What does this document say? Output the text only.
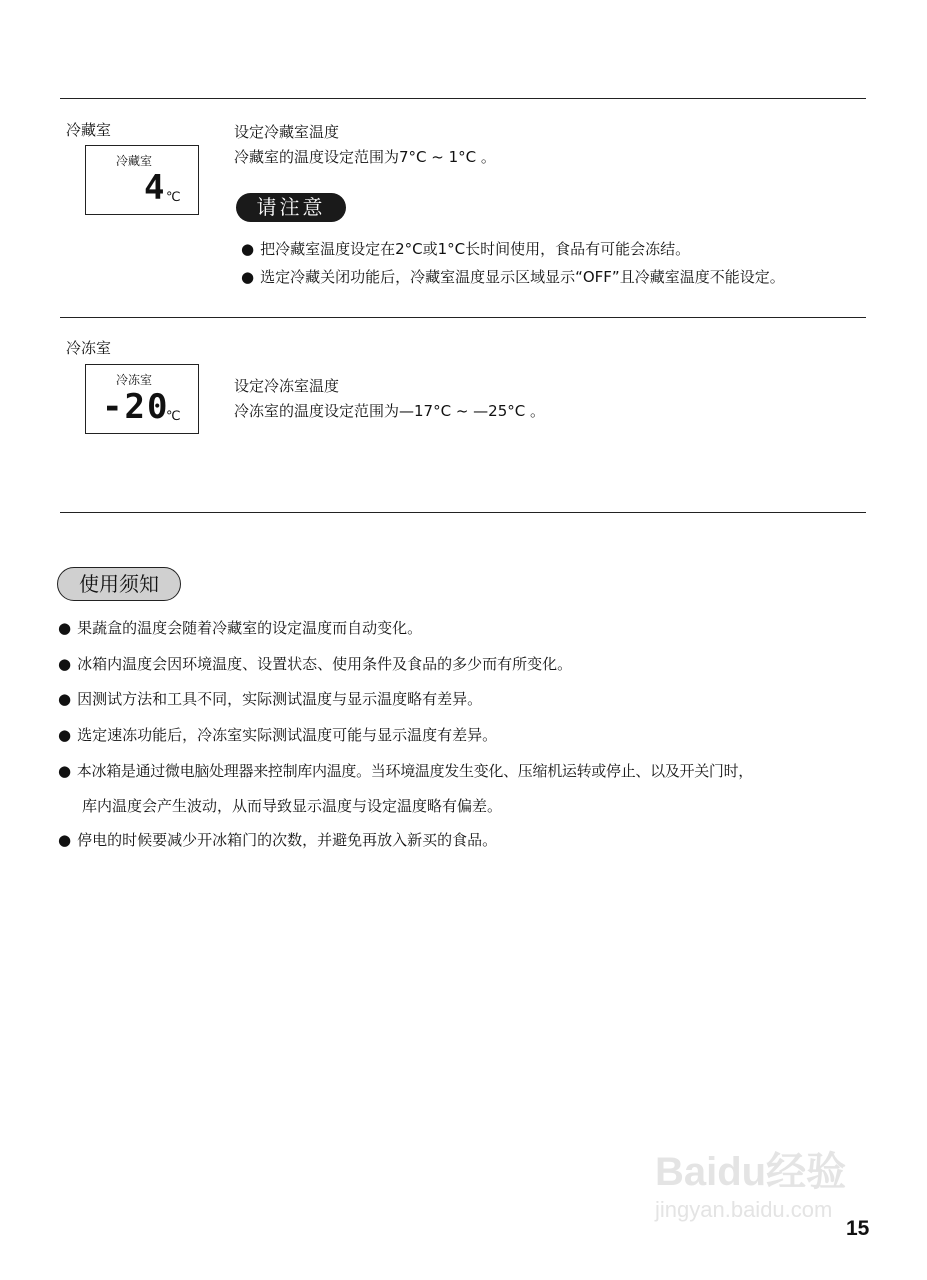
冷藏室
冷藏室
4 ℃
设定冷藏室温度
冷藏室的温度设定范围为7°C ~ 1°C 。
请注意
● 把冷藏室温度设定在2°C或1°C长时间使用，食品有可能会冻结。
● 选定冷藏关闭功能后，冷藏室温度显示区域显示“OFF”且冷藏室温度不能设定。
冷冻室
冷冻室
-20
℃
设定冷冻室温度
冷冻室的温度设定范围为—17°C ~ —25°C 。
使用须知
● 果蔬盒的温度会随着冷藏室的设定温度而自动变化。
● 冰箱内温度会因环境温度、设置状态、使用条件及食品的多少而有所变化。
● 因测试方法和工具不同，实际测试温度与显示温度略有差异。
● 选定速冻功能后，冷冻室实际测试温度可能与显示温度有差异。
● 本冰箱是通过微电脑处理器来控制库内温度。当环境温度发生变化、压缩机运转或停止、以及开关门时，
库内温度会产生波动，从而导致显示温度与设定温度略有偏差。
● 停电的时候要减少开冰箱门的次数，并避免再放入新买的食品。
Baidu经验
jingyan.baidu.com
15
